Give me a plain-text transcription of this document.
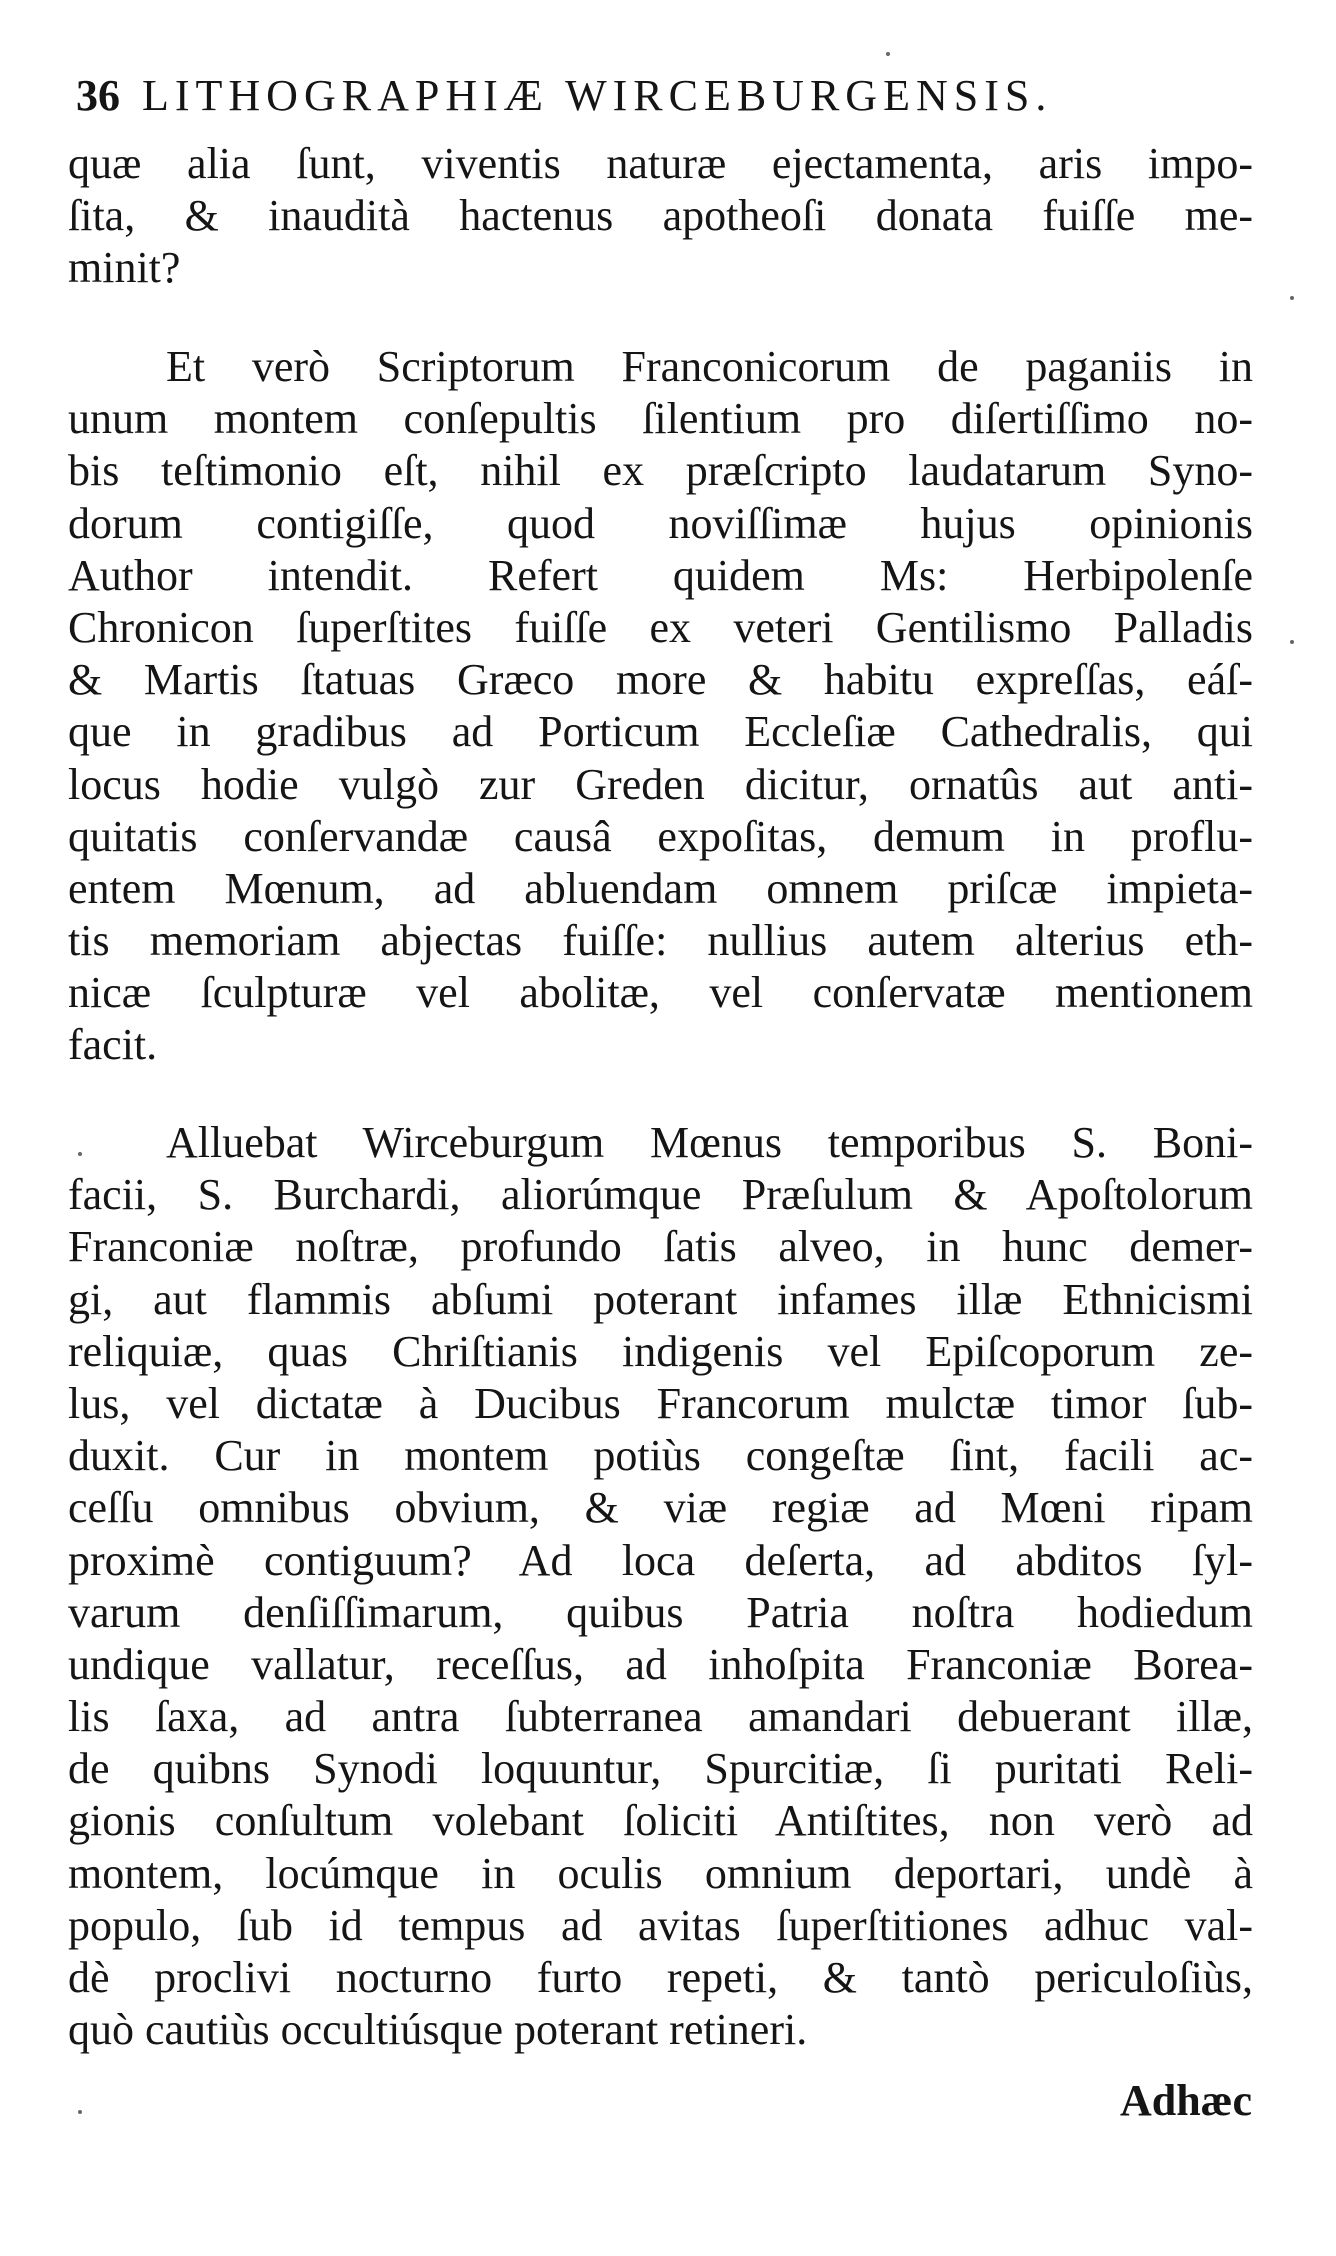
36 LITHOGRAPHIÆ WIRCEBURGENSIS.
quæ alia ſunt, viventis naturæ ejectamenta, aris impo-
ſita, & inaudità hactenus apotheoſi donata fuiſſe me-
minit?
Et verò Scriptorum Franconicorum de paganiis in
unum montem conſepultis ſilentium pro diſertiſſimo no-
bis teſtimonio eſt, nihil ex præſcripto laudatarum Syno-
dorum contigiſſe, quod noviſſimæ hujus opinionis
Author intendit. Refert quidem Ms: Herbipolenſe
Chronicon ſuperſtites fuiſſe ex veteri Gentilismo Palladis
& Martis ſtatuas Græco more & habitu expreſſas, eáſ-
que in gradibus ad Porticum Eccleſiæ Cathedralis, qui
locus hodie vulgò zur Greden dicitur, ornatûs aut anti-
quitatis conſervandæ causâ expoſitas, demum in proflu-
entem Mœnum, ad abluendam omnem priſcæ impieta-
tis memoriam abjectas fuiſſe: nullius autem alterius eth-
nicæ ſculpturæ vel abolitæ, vel conſervatæ mentionem
facit.
Alluebat Wirceburgum Mœnus temporibus S. Boni-
facii, S. Burchardi, aliorúmque Præſulum & Apoſtolorum
Franconiæ noſtræ, profundo ſatis alveo, in hunc demer-
gi, aut flammis abſumi poterant infames illæ Ethnicismi
reliquiæ, quas Chriſtianis indigenis vel Epiſcoporum ze-
lus, vel dictatæ à Ducibus Francorum mulctæ timor ſub-
duxit. Cur in montem potiùs congeſtæ ſint, facili ac-
ceſſu omnibus obvium, & viæ regiæ ad Mœni ripam
proximè contiguum? Ad loca deſerta, ad abditos ſyl-
varum denſiſſimarum, quibus Patria noſtra hodiedum
undique vallatur, receſſus, ad inhoſpita Franconiæ Borea-
lis ſaxa, ad antra ſubterranea amandari debuerant illæ,
de quibns Synodi loquuntur, Spurcitiæ, ſi puritati Reli-
gionis conſultum volebant ſoliciti Antiſtites, non verò ad
montem, locúmque in oculis omnium deportari, undè à
populo, ſub id tempus ad avitas ſuperſtitiones adhuc val-
dè proclivi nocturno furto repeti, & tantò periculoſiùs,
quò cautiùs occultiúsque poterant retineri.
Adhæc
